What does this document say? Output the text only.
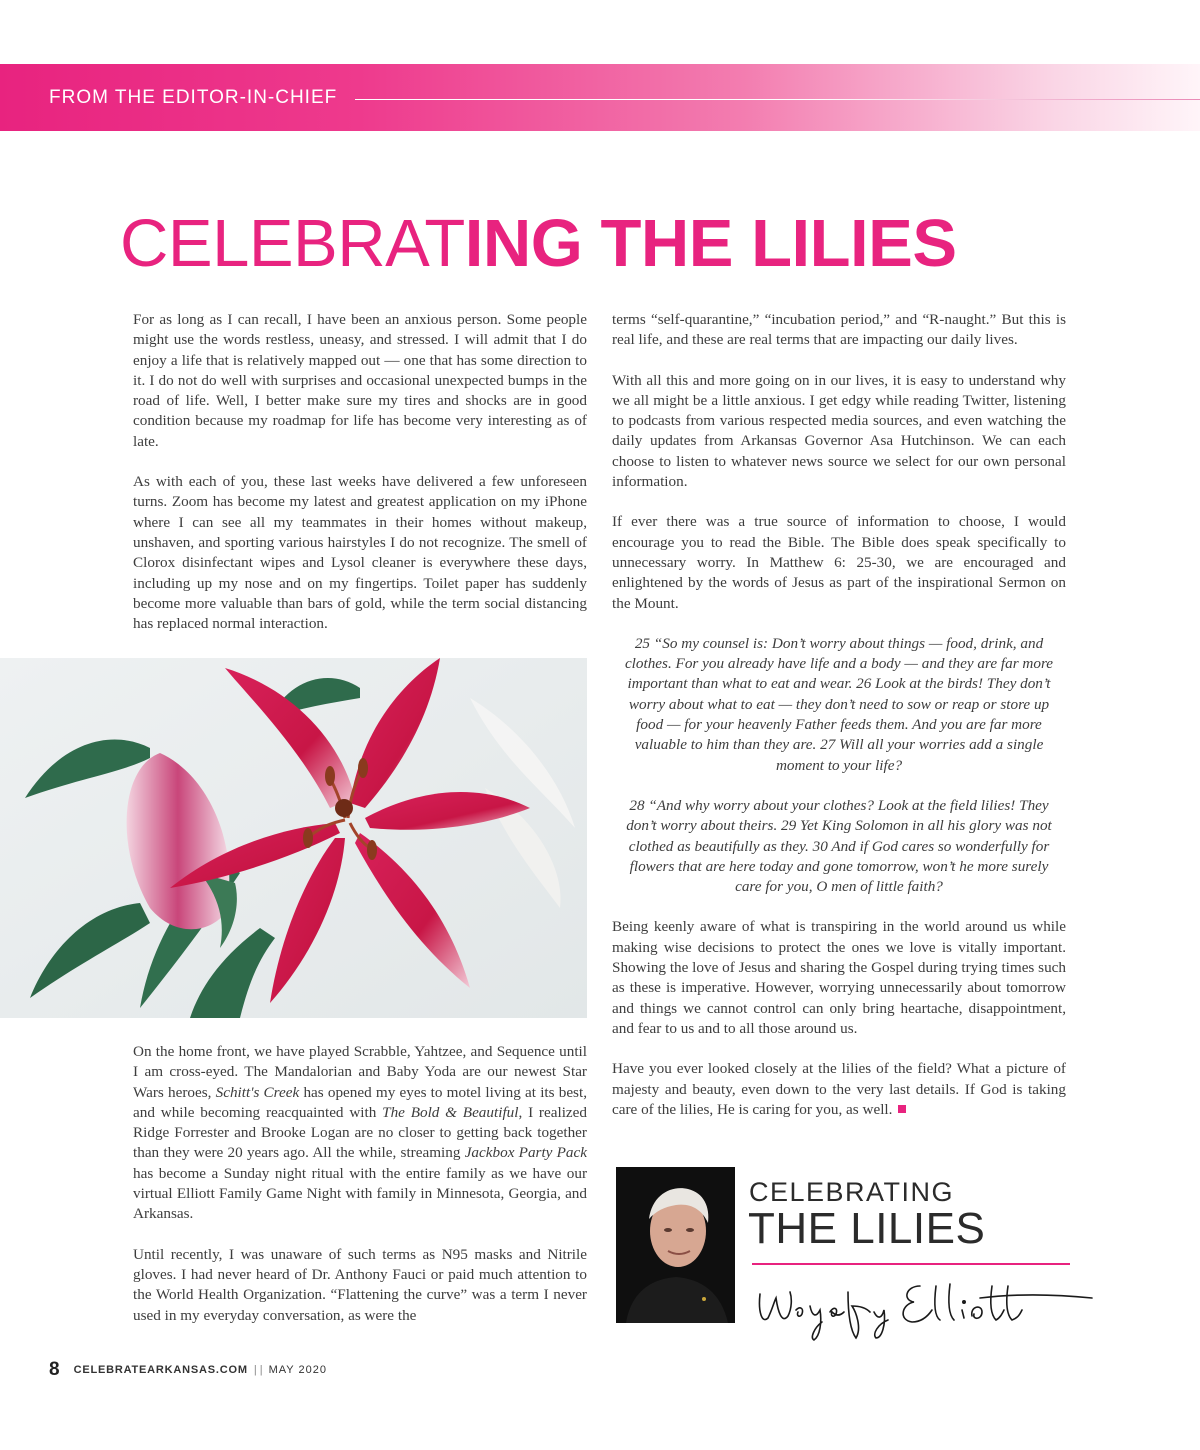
FROM THE EDITOR-IN-CHIEF
CELEBRATING THE LILIES

For as long as I can recall, I have been an anxious person. Some people might use the words restless, uneasy, and stressed. I will admit that I do enjoy a life that is relatively mapped out — one that has some direction to it. I do not do well with surprises and occasional unexpected bumps in the road of life. Well, I better make sure my tires and shocks are in good condition because my roadmap for life has become very interesting as of late.

As with each of you, these last weeks have delivered a few unforeseen turns. Zoom has become my latest and greatest application on my iPhone where I can see all my teammates in their homes without makeup, unshaven, and sporting various hairstyles I do not recognize. The smell of Clorox disinfectant wipes and Lysol cleaner is everywhere these days, including up my nose and on my fingertips. Toilet paper has suddenly become more valuable than bars of gold, while the term social distancing has replaced normal interaction.

On the home front, we have played Scrabble, Yahtzee, and Sequence until I am cross-eyed. The Mandalorian and Baby Yoda are our newest Star Wars heroes, Schitt's Creek has opened my eyes to motel living at its best, and while becoming reacquainted with The Bold & Beautiful, I realized Ridge Forrester and Brooke Logan are no closer to getting back together than they were 20 years ago. All the while, streaming Jackbox Party Pack has become a Sunday night ritual with the entire family as we have our virtual Elliott Family Game Night with family in Minnesota, Georgia, and Arkansas.

Until recently, I was unaware of such terms as N95 masks and Nitrile gloves. I had never heard of Dr. Anthony Fauci or paid much attention to the World Health Organization. “Flattening the curve” was a term I never used in my everyday conversation, as were the

terms “self-quarantine,” “incubation period,” and “R-naught.” But this is real life, and these are real terms that are impacting our daily lives.

With all this and more going on in our lives, it is easy to understand why we all might be a little anxious. I get edgy while reading Twitter, listening to podcasts from various respected media sources, and even watching the daily updates from Arkansas Governor Asa Hutchinson. We can each choose to listen to whatever news source we select for our own personal information.

If ever there was a true source of information to choose, I would encourage you to read the Bible. The Bible does speak specifically to unnecessary worry. In Matthew 6: 25-30, we are encouraged and enlightened by the words of Jesus as part of the inspirational Sermon on the Mount.

25 “So my counsel is: Don’t worry about things — food, drink, and clothes. For you already have life and a body — and they are far more important than what to eat and wear. 26 Look at the birds! They don’t worry about what to eat — they don’t need to sow or reap or store up food — for your heavenly Father feeds them. And you are far more valuable to him than they are. 27 Will all your worries add a single moment to your life?

28 “And why worry about your clothes? Look at the field lilies! They don’t worry about theirs. 29 Yet King Solomon in all his glory was not clothed as beautifully as they. 30 And if God cares so wonderfully for flowers that are here today and gone tomorrow, won’t he more surely care for you, O men of little faith?

Being keenly aware of what is transpiring in the world around us while making wise decisions to protect the ones we love is vitally important. Showing the love of Jesus and sharing the Gospel during trying times such as these is imperative. However, worrying unnecessarily about tomorrow and things we cannot control can only bring heartache, disappointment, and fear to us and to all those around us.

Have you ever looked closely at the lilies of the field? What a picture of majesty and beauty, even down to the very last details. If God is taking care of the lilies, He is caring for you, as well.

CELEBRATING
THE LILIES
8 CELEBRATEARKANSAS.COM | | MAY 2020
